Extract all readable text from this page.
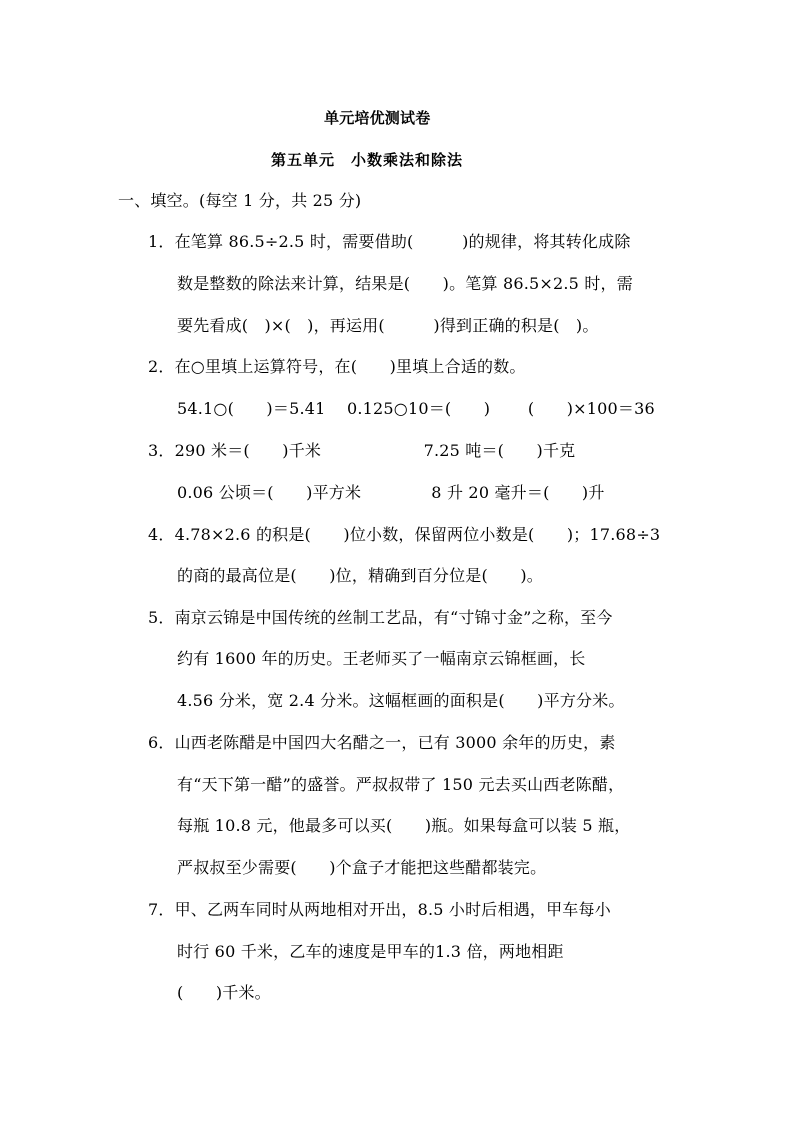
单元培优测试卷
第五单元　小数乘法和除法
一、填空。(每空 1 分，共 25 分)
1．在笔算 86.5÷2.5 时，需要借助(　　　)的规律，将其转化成除
数是整数的除法来计算，结果是(　　)。笔算 86.5×2.5 时，需
要先看成(　)×(　)，再运用(　　　)得到正确的积是(　)。
2．在○里填上运算符号，在(　　)里填上合适的数。
54.1○(　　)＝5.41　 0.125○10＝(　　)　　 (　　)×100＝36
3．290 米＝(　　)千米　　　　　　 7.25 吨＝(　　)千克
0.06 公顷＝(　　)平方米　　　　 8 升 20 毫升＝(　　)升
4．4.78×2.6 的积是(　　)位小数，保留两位小数是(　　)；17.68÷3
的商的最高位是(　　)位，精确到百分位是(　　)。
5．南京云锦是中国传统的丝制工艺品，有“寸锦寸金”之称，至今
约有 1600 年的历史。王老师买了一幅南京云锦框画，长
4.56 分米，宽 2.4 分米。这幅框画的面积是(　　)平方分米。
6．山西老陈醋是中国四大名醋之一，已有 3000 余年的历史，素
有“天下第一醋”的盛誉。严叔叔带了 150 元去买山西老陈醋，
每瓶 10.8 元，他最多可以买(　　)瓶。如果每盒可以装 5 瓶，
严叔叔至少需要(　　)个盒子才能把这些醋都装完。
7．甲、乙两车同时从两地相对开出，8.5 小时后相遇，甲车每小
时行 60 千米，乙车的速度是甲车的1.3 倍，两地相距
(　　)千米。
